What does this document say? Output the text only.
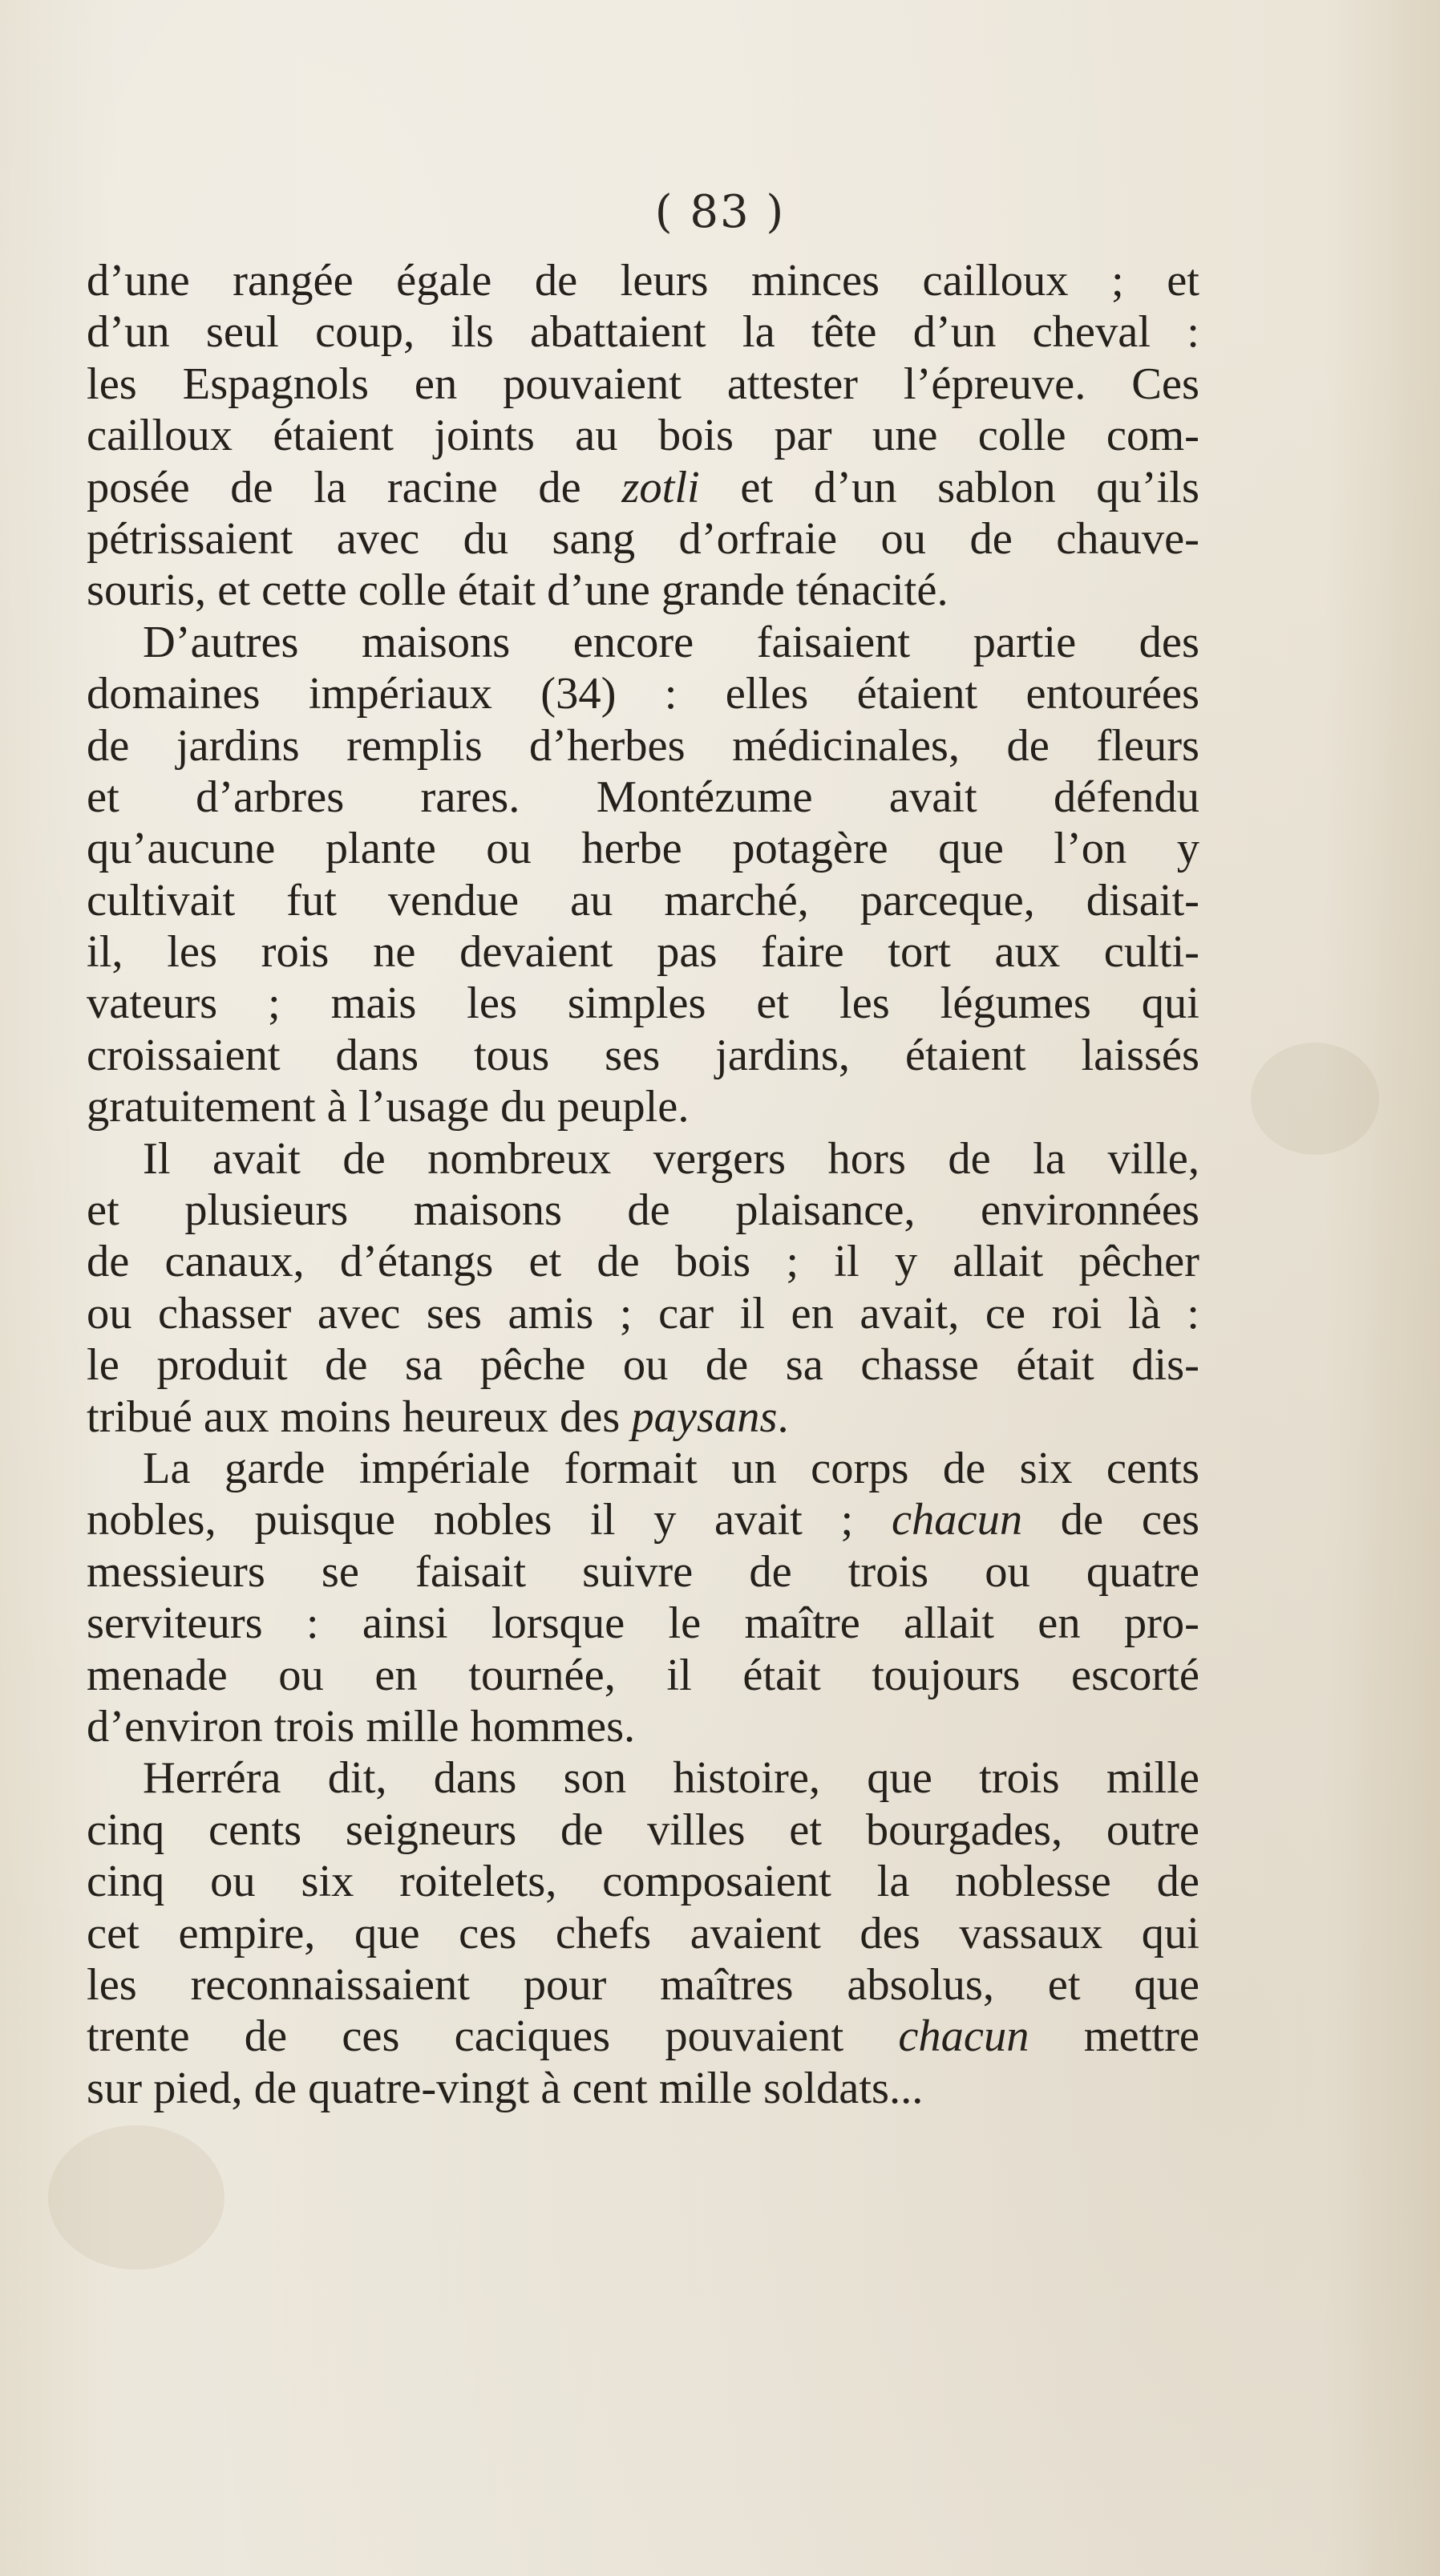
( 83 )
d’une rangée égale de leurs minces cailloux ; et
d’un seul coup, ils abattaient la tête d’un cheval :
les Espagnols en pouvaient attester l’épreuve. Ces
cailloux étaient joints au bois par une colle com-
posée de la racine de zotli et d’un sablon qu’ils
pétrissaient avec du sang d’orfraie ou de chauve-
souris, et cette colle était d’une grande ténacité.
D’autres maisons encore faisaient partie des
domaines impériaux (34) : elles étaient entourées
de jardins remplis d’herbes médicinales, de fleurs
et d’arbres rares. Montézume avait défendu
qu’aucune plante ou herbe potagère que l’on y
cultivait fut vendue au marché, parceque, disait-
il, les rois ne devaient pas faire tort aux culti-
vateurs ; mais les simples et les légumes qui
croissaient dans tous ses jardins, étaient laissés
gratuitement à l’usage du peuple.
Il avait de nombreux vergers hors de la ville,
et plusieurs maisons de plaisance, environnées
de canaux, d’étangs et de bois ; il y allait pêcher
ou chasser avec ses amis ; car il en avait, ce roi là :
le produit de sa pêche ou de sa chasse était dis-
tribué aux moins heureux des paysans.
La garde impériale formait un corps de six cents
nobles, puisque nobles il y avait ; chacun de ces
messieurs se faisait suivre de trois ou quatre
serviteurs : ainsi lorsque le maître allait en pro-
menade ou en tournée, il était toujours escorté
d’environ trois mille hommes.
Herréra dit, dans son histoire, que trois mille
cinq cents seigneurs de villes et bourgades, outre
cinq ou six roitelets, composaient la noblesse de
cet empire, que ces chefs avaient des vassaux qui
les reconnaissaient pour maîtres absolus, et que
trente de ces caciques pouvaient chacun mettre
sur pied, de quatre-vingt à cent mille soldats...
